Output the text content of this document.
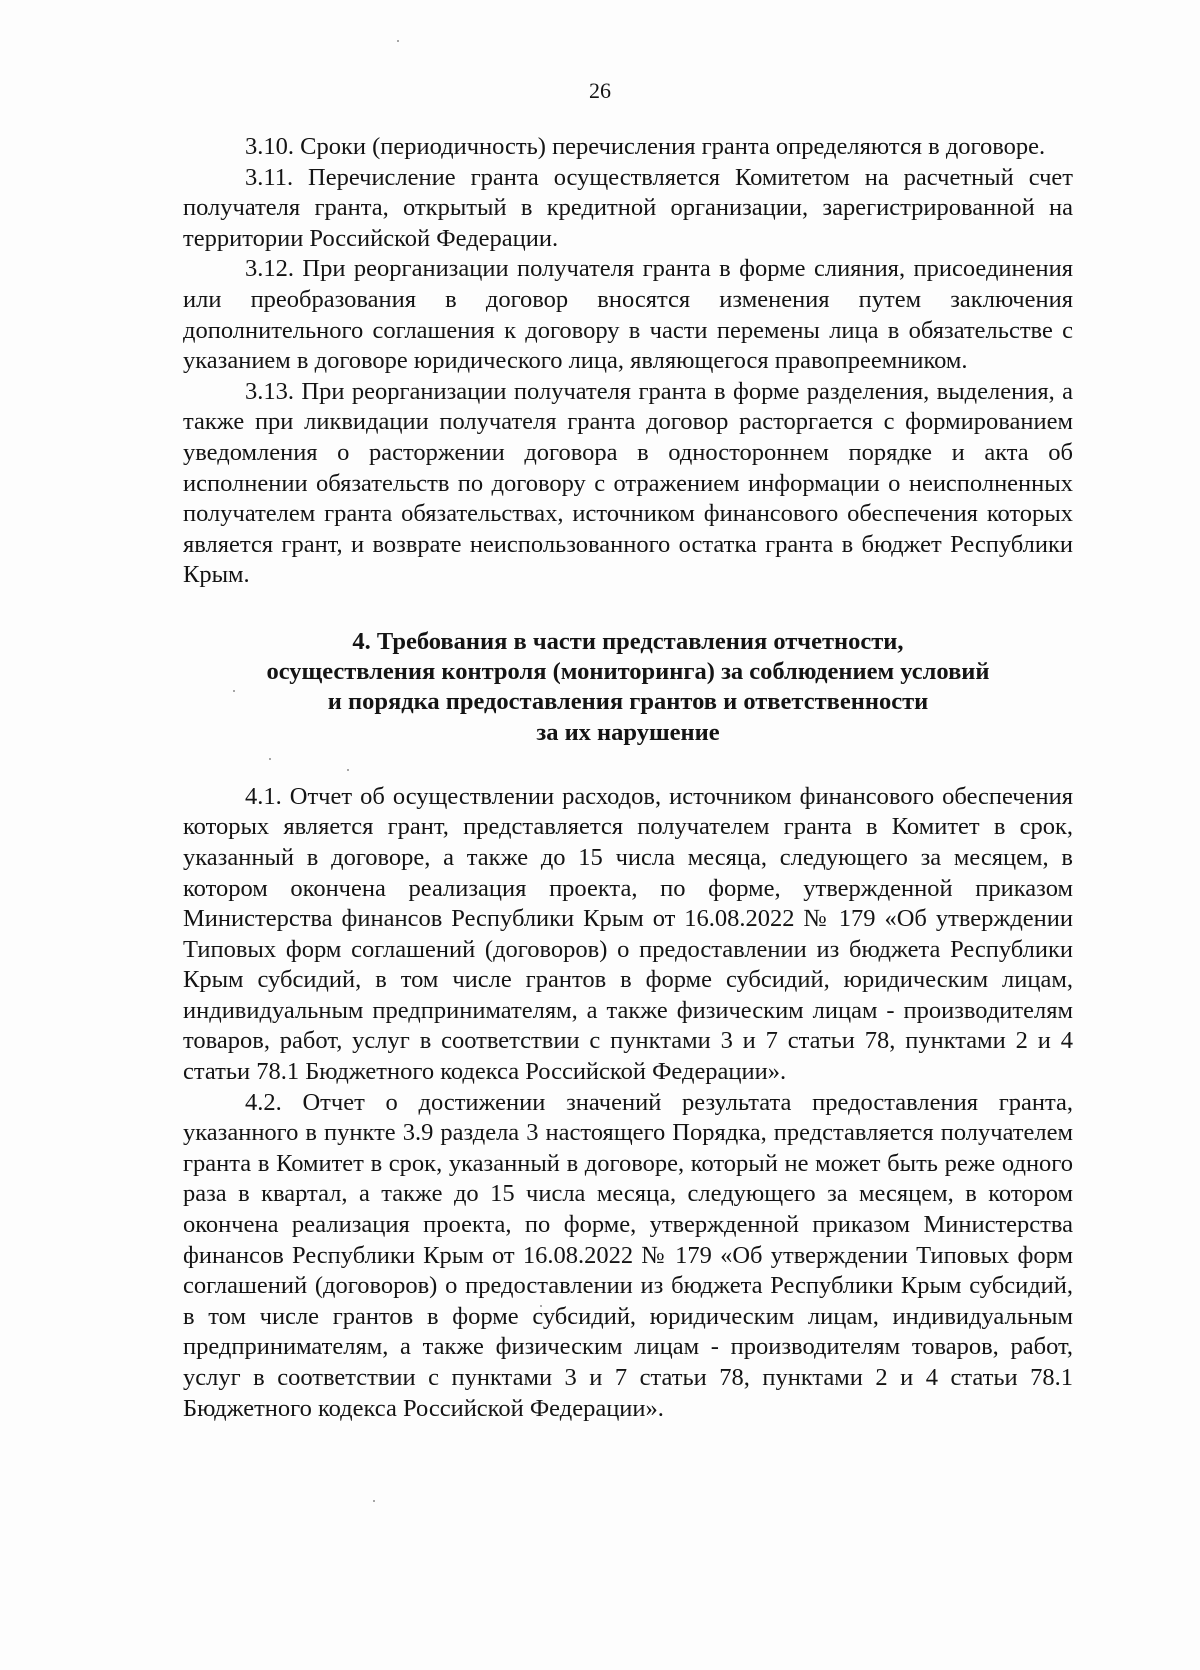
26

3.10. Сроки (периодичность) перечисления гранта определяются в договоре.

3.11. Перечисление гранта осуществляется Комитетом на расчетный счет получателя гранта, открытый в кредитной организации, зарегистрированной на территории Российской Федерации.

3.12. При реорганизации получателя гранта в форме слияния, присоединения или преобразования в договор вносятся изменения путем заключения дополнительного соглашения к договору в части перемены лица в обязательстве с указанием в договоре юридического лица, являющегося правопреемником.

3.13. При реорганизации получателя гранта в форме разделения, выделения, а также при ликвидации получателя гранта договор расторгается с формированием уведомления о расторжении договора в одностороннем порядке и акта об исполнении обязательств по договору с отражением информации о неисполненных получателем гранта обязательствах, источником финансового обеспечения которых является грант, и возврате неиспользованного остатка гранта в бюджет Республики Крым.

4. Требования в части представления отчетности,
осуществления контроля (мониторинга) за соблюдением условий
и порядка предоставления грантов и ответственности
за их нарушение

4.1. Отчет об осуществлении расходов, источником финансового обеспечения которых является грант, представляется получателем гранта в Комитет в срок, указанный в договоре, а также до 15 числа месяца, следующего за месяцем, в котором окончена реализация проекта, по форме, утвержденной приказом Министерства финансов Республики Крым от 16.08.2022 № 179 «Об утверждении Типовых форм соглашений (договоров) о предоставлении из бюджета Республики Крым субсидий, в том числе грантов в форме субсидий, юридическим лицам, индивидуальным предпринимателям, а также физическим лицам - производителям товаров, работ, услуг в соответствии с пунктами 3 и 7 статьи 78, пунктами 2 и 4 статьи 78.1 Бюджетного кодекса Российской Федерации».

4.2. Отчет о достижении значений результата предоставления гранта, указанного в пункте 3.9 раздела 3 настоящего Порядка, представляется получателем гранта в Комитет в срок, указанный в договоре, который не может быть реже одного раза в квартал, а также до 15 числа месяца, следующего за месяцем, в котором окончена реализация проекта, по форме, утвержденной приказом Министерства финансов Республики Крым от 16.08.2022 № 179 «Об утверждении Типовых форм соглашений (договоров) о предоставлении из бюджета Республики Крым субсидий, в том числе грантов в форме субсидий, юридическим лицам, индивидуальным предпринимателям, а также физическим лицам - производителям товаров, работ, услуг в соответствии с пунктами 3 и 7 статьи 78, пунктами 2 и 4 статьи 78.1 Бюджетного кодекса Российской Федерации».
